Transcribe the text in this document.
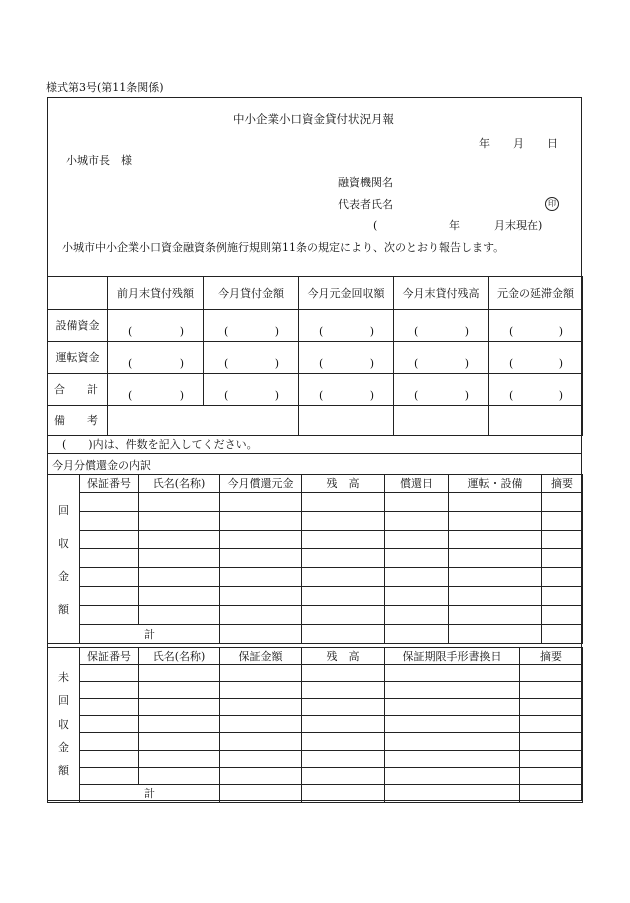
様式第3号(第11条関係)
中小企業小口資金貸付状況月報
年 月 日
小城市長　様
融資機関名
代表者氏名	印
(	年	月末現在)
小城市中小企業小口資金融資条例施行規則第11条の規定により、次のとおり報告します。
	前月末貸付残額	今月貸付金額	今月元金回収額	今月末貸付残高	元金の延滞金額
設備資金	( )	( )	( )	( )	( )

運転資金	( )	( )	( )	( )	( )

合 計	( )	( )	( )	( )	( )

備 考					

(　　)内は、件数を記入してください。
今月分償還金の内訳
回
収
金
額	保証番号	氏名(名称)	今月償還元金	残　高	償還日	運転・設備	摘要

	計						
未
回
収
金
額	保証番号	氏名(名称)	保証金額	残　高	保証期限手形書換日	摘要

	計					
